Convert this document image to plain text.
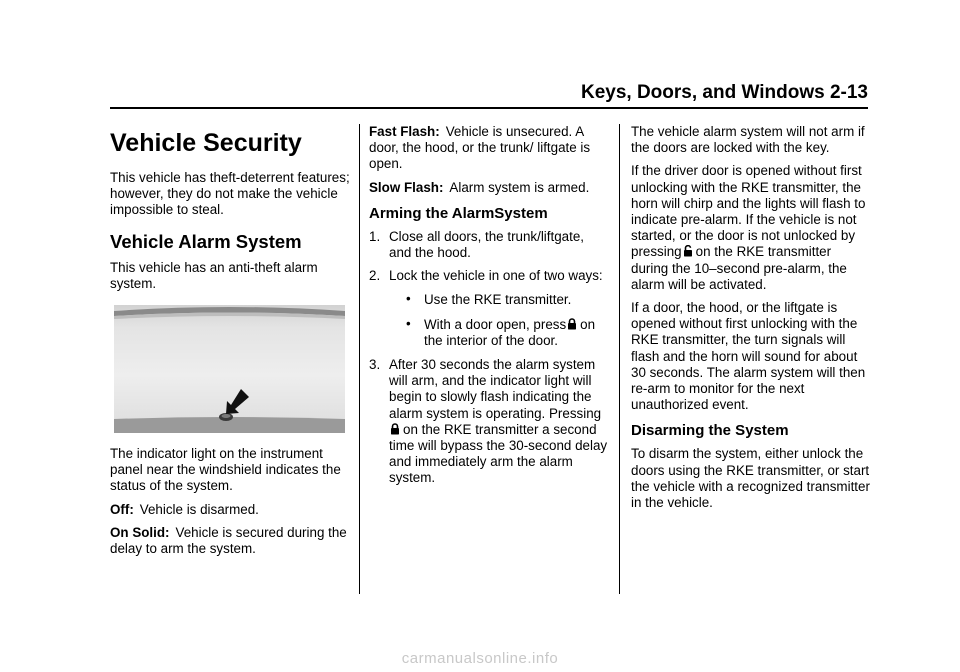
Keys, Doors, and Windows 2-13
Vehicle Security

This vehicle has theft-deterrent features; however, they do not make the vehicle impossible to steal.

Vehicle Alarm System

This vehicle has an anti-theft alarm system.

The indicator light on the instrument panel near the windshield indicates the status of the system.

Off: Vehicle is disarmed.

On Solid: Vehicle is secured during the delay to arm the system.

Fast Flash: Vehicle is unsecured. A door, the hood, or the trunk/ liftgate is open.

Slow Flash: Alarm system is armed.

Arming the AlarmSystem
1. Close all doors, the trunk/liftgate, and the hood.
2. Lock the vehicle in one of two ways:
• Use the RKE transmitter.
• With a door open, press on the interior of the door.
3. After 30 seconds the alarm system will arm, and the indicator light will begin to slowly flash indicating the alarm system is operating. Pressingon the RKE transmitter a second time will bypass the 30-second delay and immediately arm the alarm system.

The vehicle alarm system will not arm if the doors are locked with the key.

If the driver door is opened without first unlocking with the RKE transmitter, the horn will chirp and the lights will flash to indicate pre-alarm. If the vehicle is not started, or the door is not unlocked by pressing on the RKE transmitter during the 10–second pre-alarm, the alarm will be activated.

If a door, the hood, or the liftgate is opened without first unlocking with the RKE transmitter, the turn signals will flash and the horn will sound for about 30 seconds. The alarm system will then re-arm to monitor for the next unauthorized event.

Disarming the System

To disarm the system, either unlock the doors using the RKE transmitter, or start the vehicle with a recognized transmitter in the vehicle.

carmanualsonline.info
